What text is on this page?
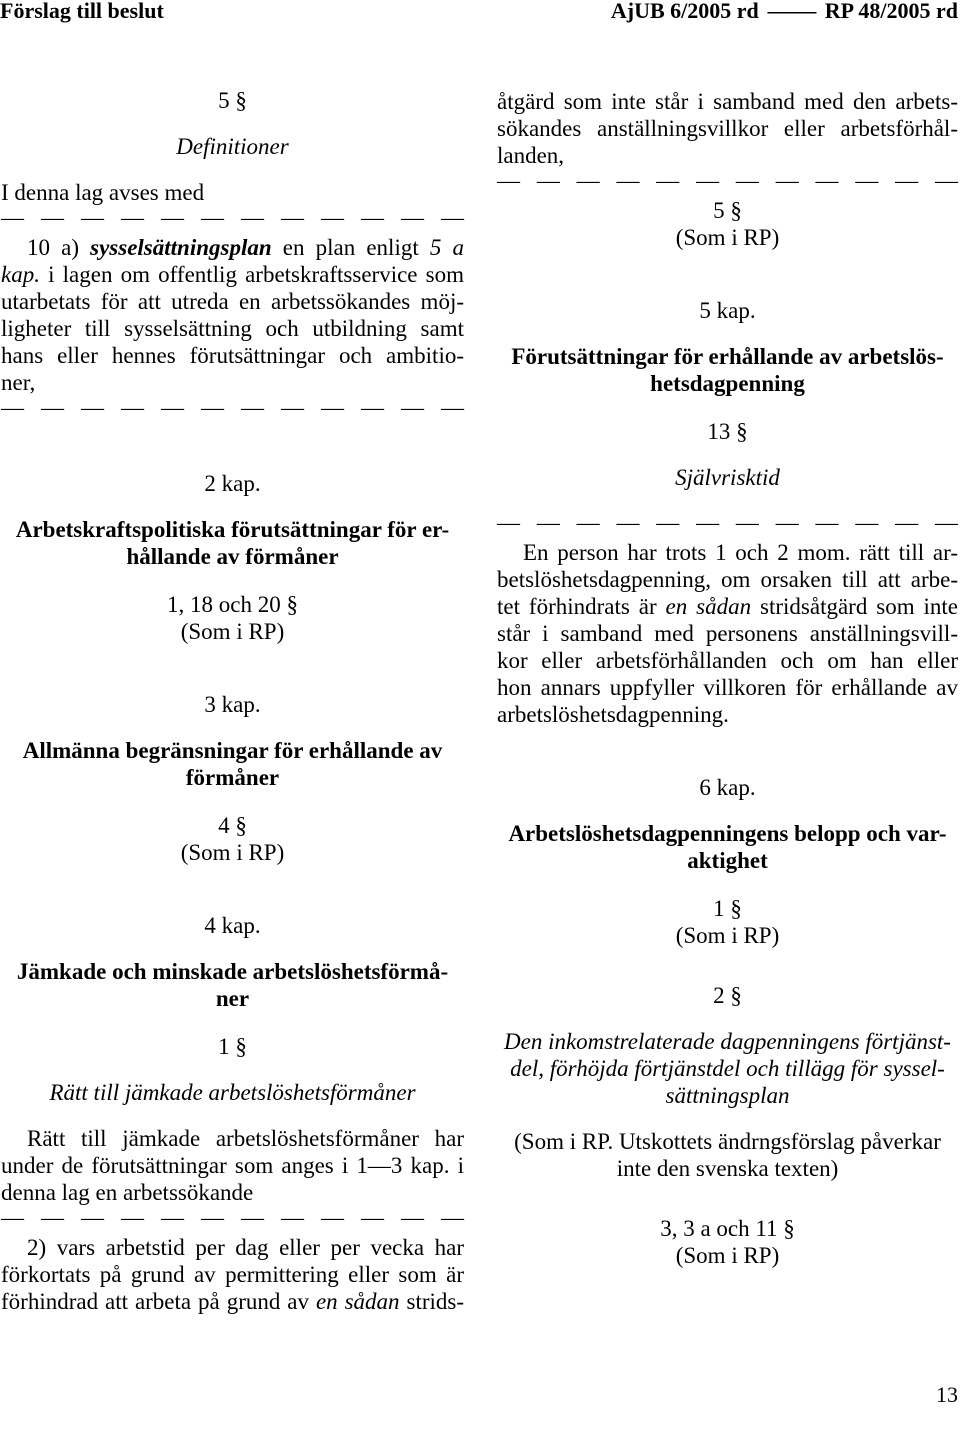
Förslag till beslut	AjUB 6/2005 rd — RP 48/2005 rd
5 §
Definitioner
I denna lag avses med
— — — — — — — — — — — —
10 a) sysselsättningsplan en plan enligt 5 a
kap. i lagen om offentlig arbetskraftsservice som
utarbetats för att utreda en arbetssökandes möj-
ligheter till sysselsättning och utbildning samt
hans eller hennes förutsättningar och ambitio-
ner,
— — — — — — — — — — — —
2 kap.
Arbetskraftspolitiska förutsättningar för er-
hållande av förmåner
1, 18 och 20 §
(Som i RP)
3 kap.
Allmänna begränsningar för erhållande av
förmåner
4 §
(Som i RP)
4 kap.
Jämkade och minskade arbetslöshetsförmå-
ner
1 §
Rätt till jämkade arbetslöshetsförmåner
Rätt till jämkade arbetslöshetsförmåner har
under de förutsättningar som anges i 1—3 kap. i
denna lag en arbetssökande
— — — — — — — — — — — —
2) vars arbetstid per dag eller per vecka har
förkortats på grund av permittering eller som är
förhindrad att arbeta på grund av en sådan strids-
åtgärd som inte står i samband med den arbets-
sökandes anställningsvillkor eller arbetsförhål-
landen,
— — — — — — — — — — — —
5 §
(Som i RP)
5 kap.
Förutsättningar för erhållande av arbetslös-
hetsdagpenning
13 §
Självrisktid
— — — — — — — — — — — —
En person har trots 1 och 2 mom. rätt till ar-
betslöshetsdagpenning, om orsaken till att arbe-
tet förhindrats är en sådan stridsåtgärd som inte
står i samband med personens anställningsvill-
kor eller arbetsförhållanden och om han eller
hon annars uppfyller villkoren för erhållande av
arbetslöshetsdagpenning.
6 kap.
Arbetslöshetsdagpenningens belopp och var-
aktighet
1 §
(Som i RP)
2 §
Den inkomstrelaterade dagpenningens förtjänst-
del, förhöjda förtjänstdel och tillägg för syssel-
sättningsplan
(Som i RP. Utskottets ändrngsförslag påverkar
inte den svenska texten)
3, 3 a och 11 §
(Som i RP)
13
